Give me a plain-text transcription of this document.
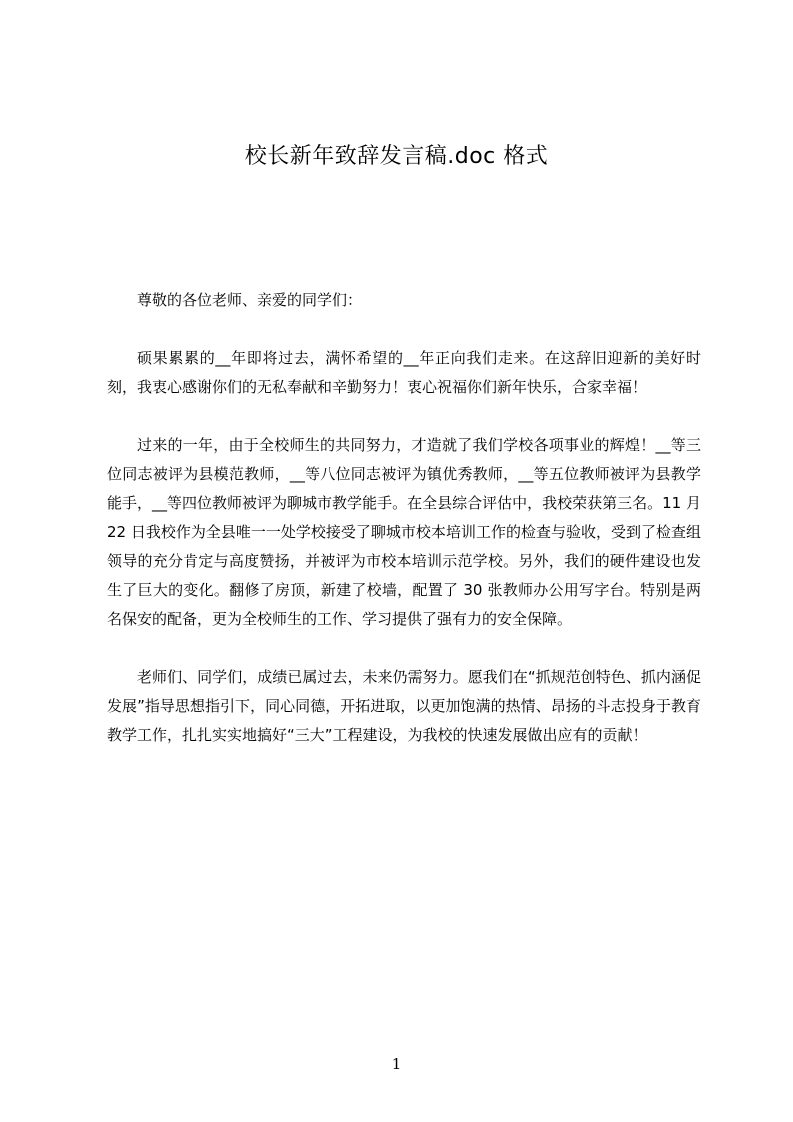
校长新年致辞发言稿.doc 格式

尊敬的各位老师、亲爱的同学们：

硕果累累的__年即将过去，满怀希望的__年正向我们走来。在这辞旧迎新的美好时刻，我衷心感谢你们的无私奉献和辛勤努力！衷心祝福你们新年快乐，合家幸福！

过来的一年，由于全校师生的共同努力，才造就了我们学校各项事业的辉煌！__等三位同志被评为县模范教师，__等八位同志被评为镇优秀教师，__等五位教师被评为县教学能手，__等四位教师被评为聊城市教学能手。在全县综合评估中，我校荣获第三名。11 月 22 日我校作为全县唯一一处学校接受了聊城市校本培训工作的检查与验收，受到了检查组领导的充分肯定与高度赞扬，并被评为市校本培训示范学校。另外，我们的硬件建设也发生了巨大的变化。翻修了房顶，新建了校墙，配置了 30 张教师办公用写字台。特别是两名保安的配备，更为全校师生的工作、学习提供了强有力的安全保障。

老师们、同学们，成绩已属过去，未来仍需努力。愿我们在“抓规范创特色、抓内涵促发展”指导思想指引下，同心同德，开拓进取，以更加饱满的热情、昂扬的斗志投身于教育教学工作，扎扎实实地搞好“三大”工程建设，为我校的快速发展做出应有的贡献！

1
